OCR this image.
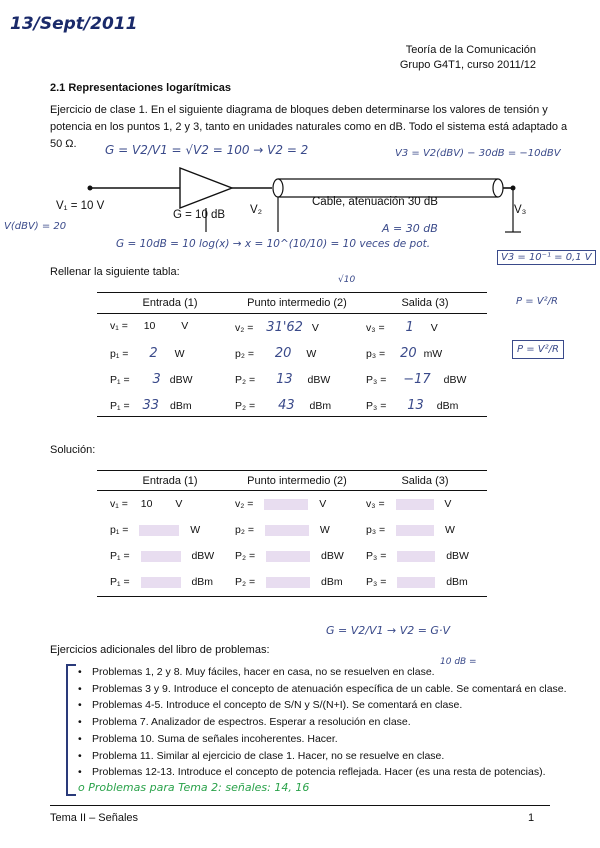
13/Sept/2011
Teoría de la Comunicación
Grupo G4T1, curso 2011/12
2.1 Representaciones logarítmicas
Ejercicio de clase 1. En el siguiente diagrama de bloques deben determinarse los valores de tensión y
potencia en los puntos 1, 2 y 3, tanto en unidades naturales como en dB. Todo el sistema está adaptado a
50 Ω. G = V2/V1 = √V2 = 100 → V2 = 2	V3 = V2(dBV) − 30dB = −10dBV
V₁ = 10 V
G = 10 dB V₂
Cable, atenuación 30 dB
V₃
V(dBV) = 20	A = 30 dB
G = 10dB = 10 log(x) → x = 10^(10/10) = 10 veces de pot.
V3 = 10⁻¹ = 0,1 V
Rellenar la siguiente tabla:
√10
Entrada (1)	Punto intermedio (2)	Salida (3)
v₁ = 10 V	v₂ = 31'62 V	v₃ = 1 V
p₁ = 2 W	p₂ = 20 W	p₃ = 20 mW
P₁ = 3 dBW	P₂ = 13 dBW	P₃ = −17 dBW
P₁ = 33 dBm	P₂ = 43 dBm	P₃ = 13 dBm
P = V²/R
P = V²/R
Solución:
Entrada (1)	Punto intermedio (2)	Salida (3)
v₁ = 10 V	v₂ =	V	v₃ =	V
p₁ =	W	p₂ =	W	p₃ =	W
P₁ =	dBW P₂ =	dBW P₃ =	dBW
P₁ =	dBm P₂ =	dBm P₃ =	dBm
G = V2/V1 → V2 = G·V
10 dB =
Ejercicios adicionales del libro de problemas:
• Problemas 1, 2 y 8. Muy fáciles, hacer en casa, no se resuelven en clase.
• Problemas 3 y 9. Introduce el concepto de atenuación específica de un cable. Se comentará en clase.
• Problemas 4-5. Introduce el concepto de S/N y S/(N+I). Se comentará en clase.
• Problema 7. Analizador de espectros. Esperar a resolución en clase.
• Problema 10. Suma de señales incoherentes. Hacer.
• Problema 11. Similar al ejercicio de clase 1. Hacer, no se resuelve en clase.
• Problemas 12-13. Introduce el concepto de potencia reflejada. Hacer (es una resta de potencias).
o Problemas para Tema 2: señales: 14, 16
Tema II – Señales	1
